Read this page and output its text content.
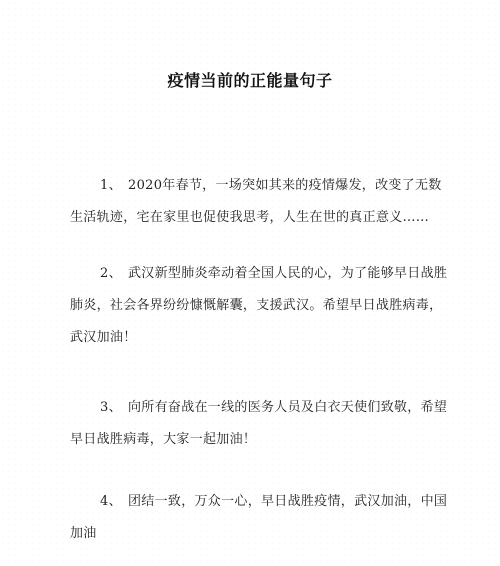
疫情当前的正能量句子
1、 2020年春节，一场突如其来的疫情爆发，改变了无数
生活轨迹，宅在家里也促使我思考，人生在世的真正意义……
2、 武汉新型肺炎牵动着全国人民的心，为了能够早日战胜
肺炎，社会各界纷纷慷慨解囊，支援武汉。希望早日战胜病毒，
武汉加油！
3、 向所有奋战在一线的医务人员及白衣天使们致敬，希望
早日战胜病毒，大家一起加油！
4、 团结一致，万众一心，早日战胜疫情，武汉加油，中国
加油
